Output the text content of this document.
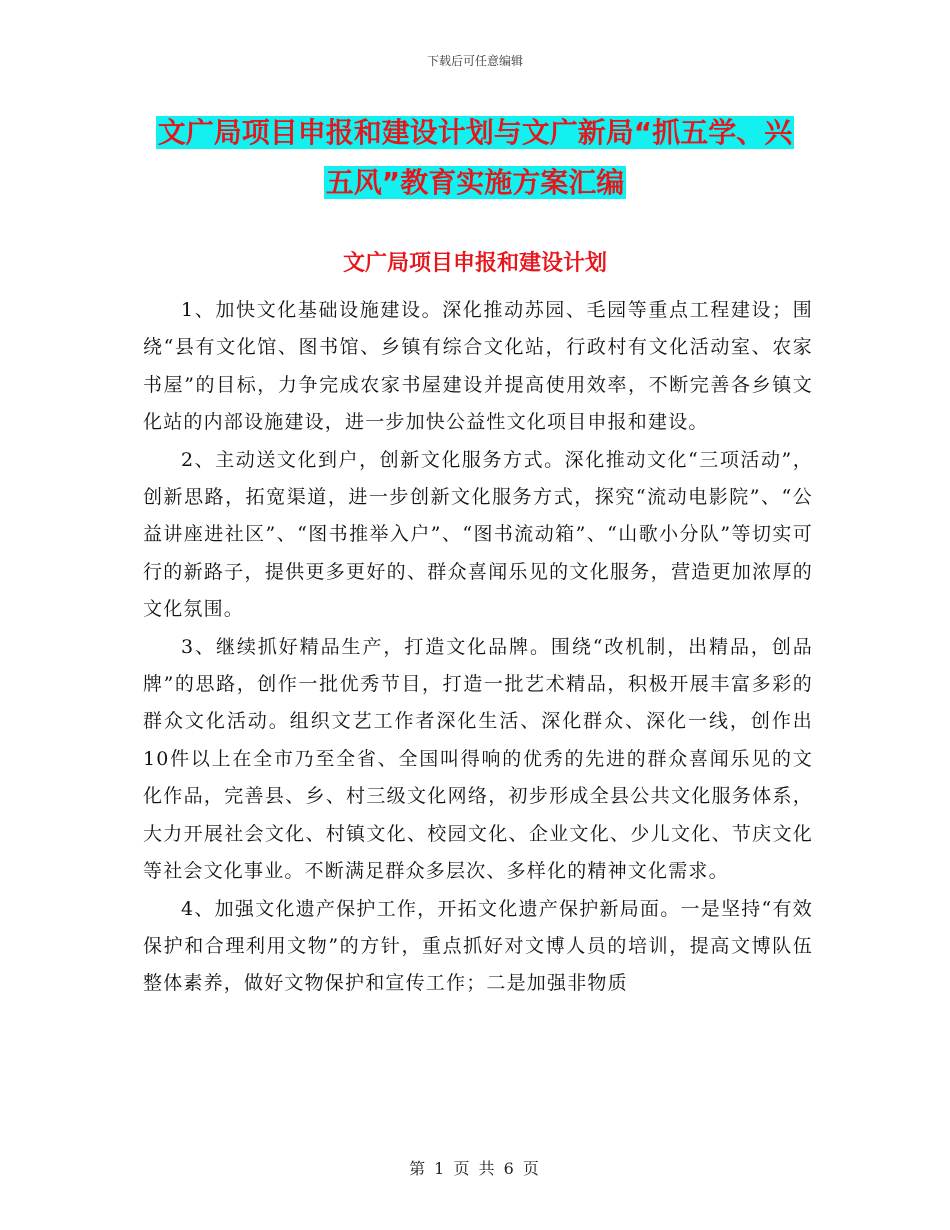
下载后可任意编辑
文广局项目申报和建设计划与文广新局“抓五学、兴
五风”教育实施方案汇编
文广局项目申报和建设计划

1、加快文化基础设施建设。深化推动苏园、毛园等重点工程建设；围绕“县有文化馆、图书馆、乡镇有综合文化站，行政村有文化活动室、农家书屋”的目标，力争完成农家书屋建设并提高使用效率，不断完善各乡镇文化站的内部设施建设，进一步加快公益性文化项目申报和建设。

2、主动送文化到户，创新文化服务方式。深化推动文化“三项活动”，创新思路，拓宽渠道，进一步创新文化服务方式，探究“流动电影院”、“公益讲座进社区”、“图书推举入户”、“图书流动箱”、“山歌小分队”等切实可行的新路子，提供更多更好的、群众喜闻乐见的文化服务，营造更加浓厚的文化氛围。

3、继续抓好精品生产，打造文化品牌。围绕“改机制，出精品，创品牌”的思路，创作一批优秀节目，打造一批艺术精品，积极开展丰富多彩的群众文化活动。组织文艺工作者深化生活、深化群众、深化一线，创作出10件以上在全市乃至全省、全国叫得响的优秀的先进的群众喜闻乐见的文化作品，完善县、乡、村三级文化网络，初步形成全县公共文化服务体系，大力开展社会文化、村镇文化、校园文化、企业文化、少儿文化、节庆文化等社会文化事业。不断满足群众多层次、多样化的精神文化需求。

4、加强文化遗产保护工作，开拓文化遗产保护新局面。一是坚持“有效保护和合理利用文物”的方针，重点抓好对文博人员的培训，提高文博队伍整体素养，做好文物保护和宣传工作；二是加强非物质

第 1 页 共 6 页
